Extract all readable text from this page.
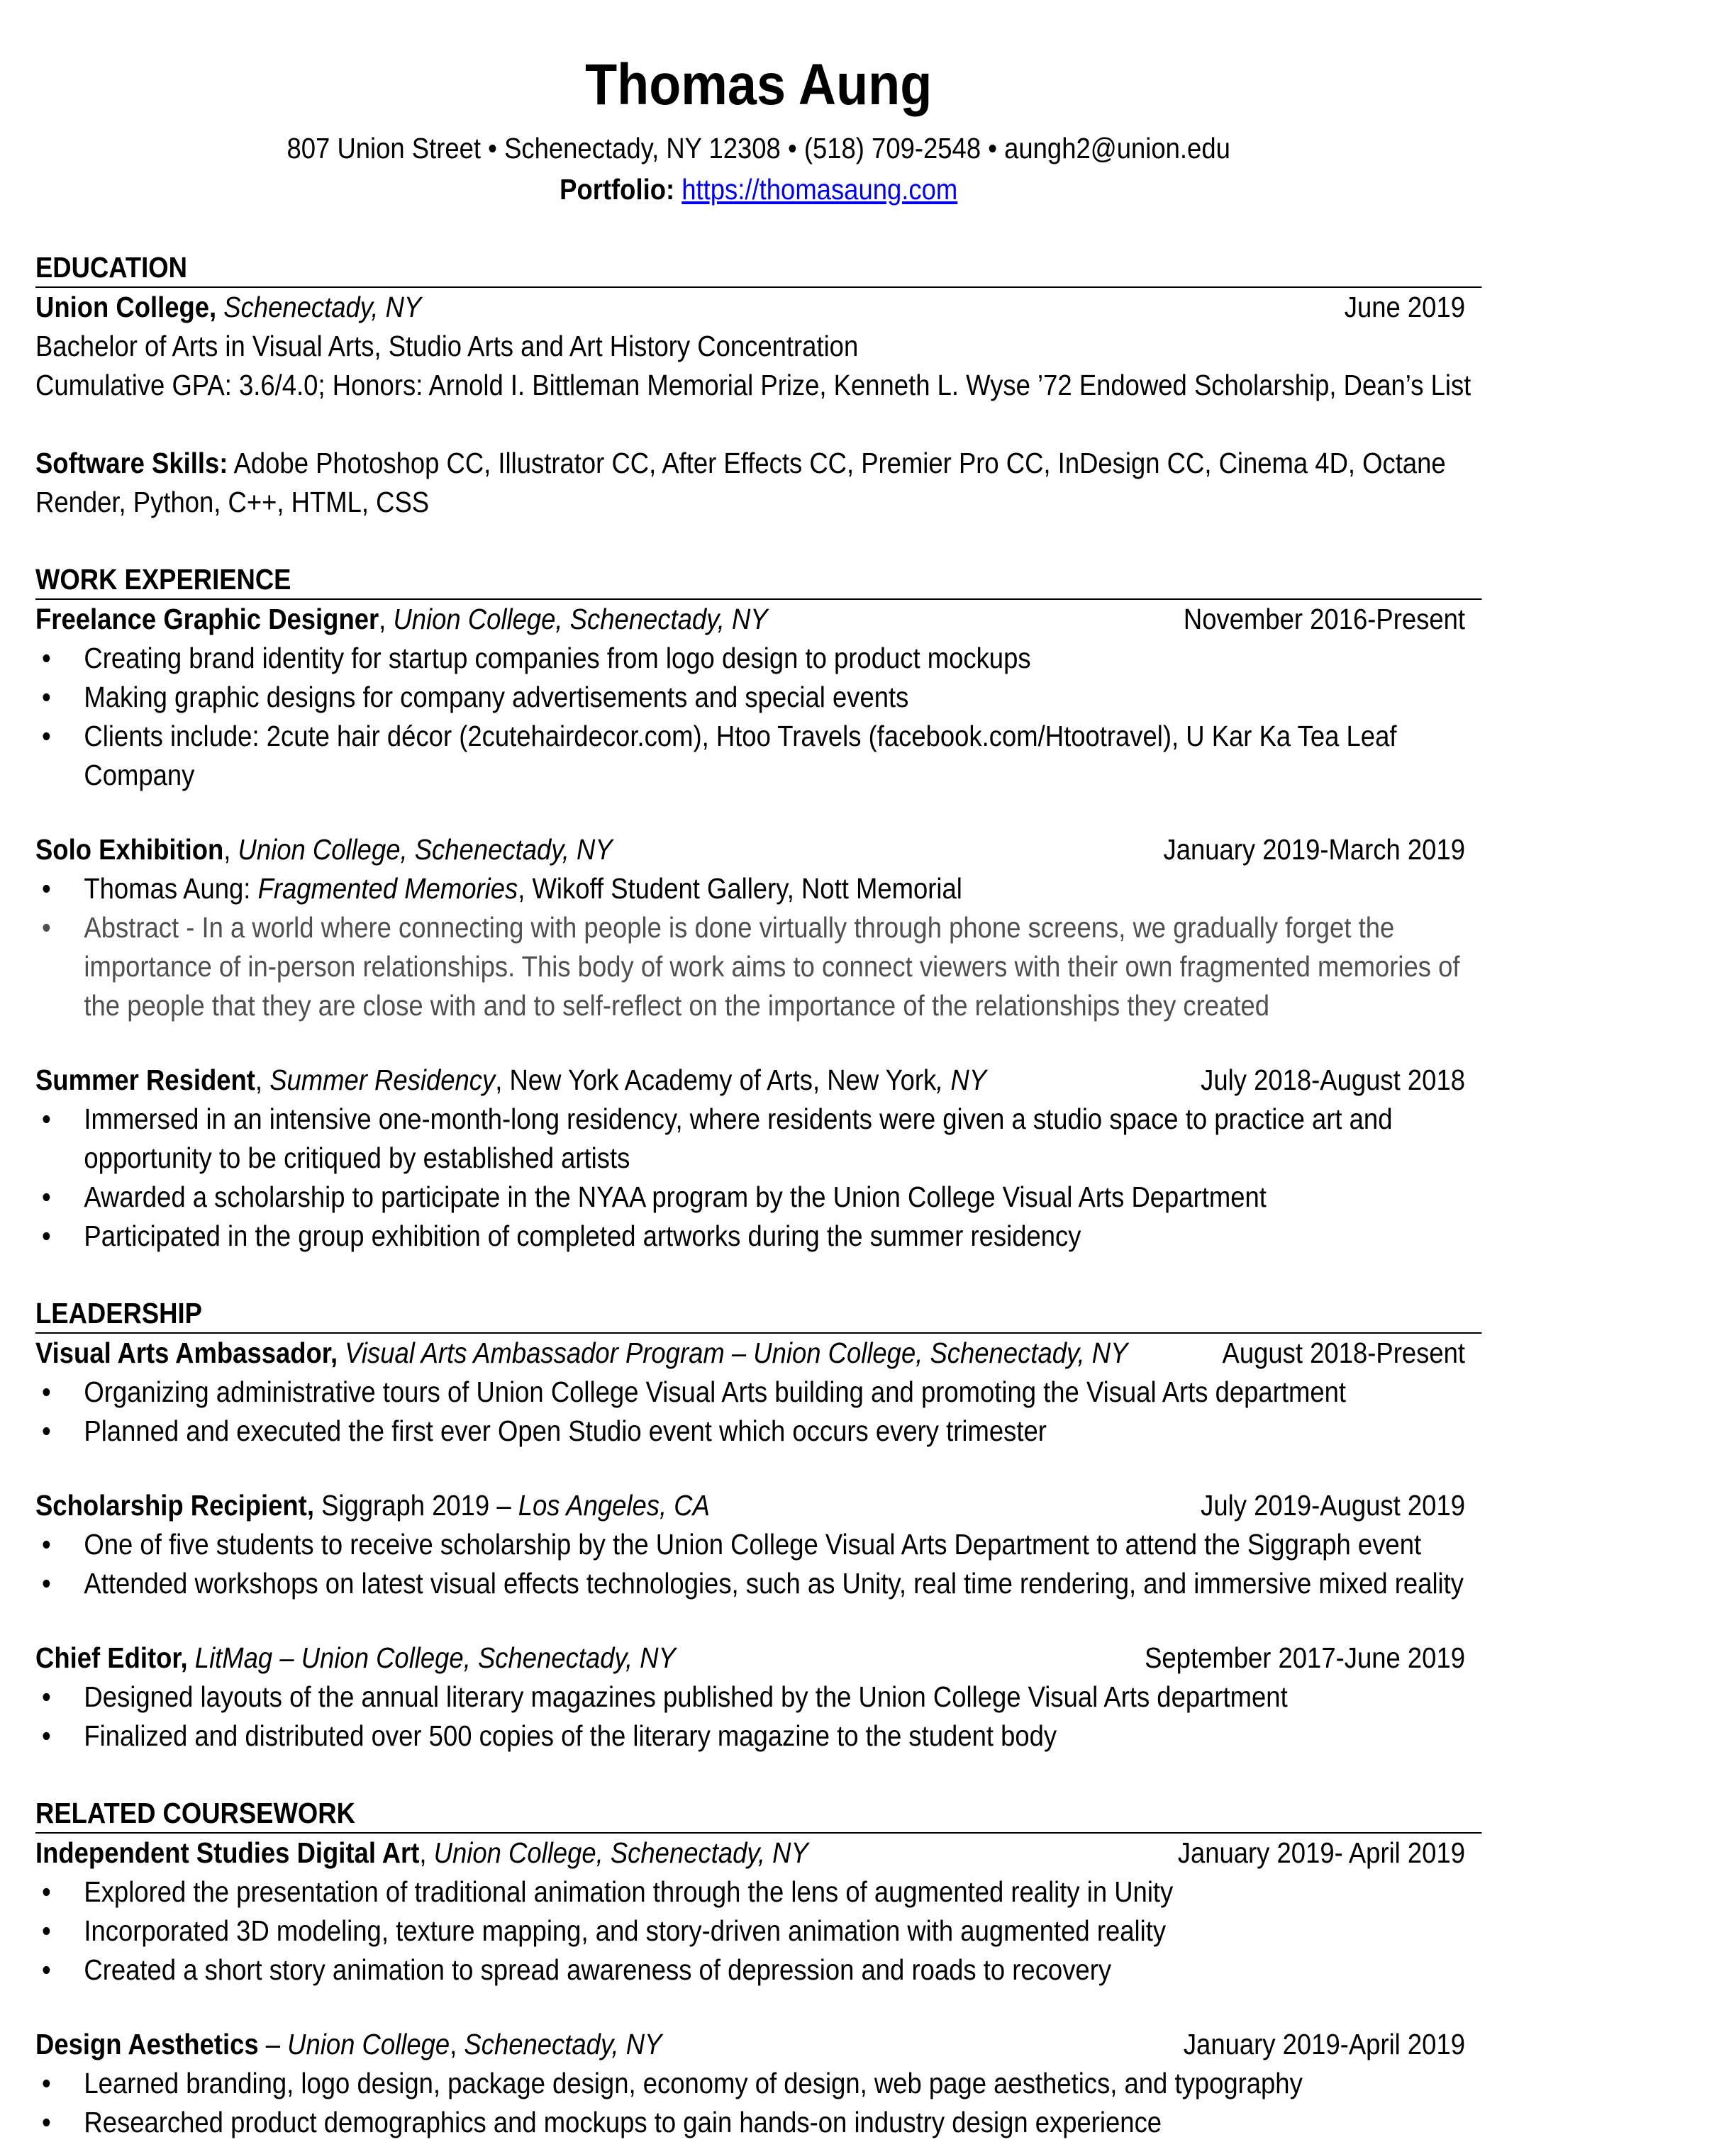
Thomas Aung
807 Union Street • Schenectady, NY 12308 • (518) 709-2548 • aungh2@union.edu
Portfolio: https://thomasaung.com
EDUCATION
Union College, Schenectady, NY	June 2019
Bachelor of Arts in Visual Arts, Studio Arts and Art History Concentration
Cumulative GPA: 3.6/4.0; Honors: Arnold I. Bittleman Memorial Prize, Kenneth L. Wyse ’72 Endowed Scholarship, Dean’s List
Software Skills: Adobe Photoshop CC, Illustrator CC, After Effects CC, Premier Pro CC, InDesign CC, Cinema 4D, Octane Render, Python, C++, HTML, CSS
WORK EXPERIENCE
Freelance Graphic Designer, Union College, Schenectady, NY	November 2016-Present
• Creating brand identity for startup companies from logo design to product mockups
• Making graphic designs for company advertisements and special events
• Clients include: 2cute hair décor (2cutehairdecor.com), Htoo Travels (facebook.com/Htootravel), U Kar Ka Tea Leaf Company
Solo Exhibition, Union College, Schenectady, NY	January 2019-March 2019
• Thomas Aung: Fragmented Memories, Wikoff Student Gallery, Nott Memorial
• Abstract - In a world where connecting with people is done virtually through phone screens, we gradually forget the importance of in-person relationships. This body of work aims to connect viewers with their own fragmented memories of the people that they are close with and to self-reflect on the importance of the relationships they created
Summer Resident, Summer Residency, New York Academy of Arts, New York, NY	July 2018-August 2018
• Immersed in an intensive one-month-long residency, where residents were given a studio space to practice art and opportunity to be critiqued by established artists
• Awarded a scholarship to participate in the NYAA program by the Union College Visual Arts Department
• Participated in the group exhibition of completed artworks during the summer residency
LEADERSHIP
Visual Arts Ambassador, Visual Arts Ambassador Program – Union College, Schenectady, NY	August 2018-Present
• Organizing administrative tours of Union College Visual Arts building and promoting the Visual Arts department
• Planned and executed the first ever Open Studio event which occurs every trimester
Scholarship Recipient, Siggraph 2019 – Los Angeles, CA	July 2019-August 2019
• One of five students to receive scholarship by the Union College Visual Arts Department to attend the Siggraph event
• Attended workshops on latest visual effects technologies, such as Unity, real time rendering, and immersive mixed reality
Chief Editor, LitMag – Union College, Schenectady, NY	September 2017-June 2019
• Designed layouts of the annual literary magazines published by the Union College Visual Arts department
• Finalized and distributed over 500 copies of the literary magazine to the student body
RELATED COURSEWORK
Independent Studies Digital Art, Union College, Schenectady, NY	January 2019- April 2019
• Explored the presentation of traditional animation through the lens of augmented reality in Unity
• Incorporated 3D modeling, texture mapping, and story-driven animation with augmented reality
• Created a short story animation to spread awareness of depression and roads to recovery
Design Aesthetics – Union College, Schenectady, NY	January 2019-April 2019
• Learned branding, logo design, package design, economy of design, web page aesthetics, and typography
• Researched product demographics and mockups to gain hands-on industry design experience
